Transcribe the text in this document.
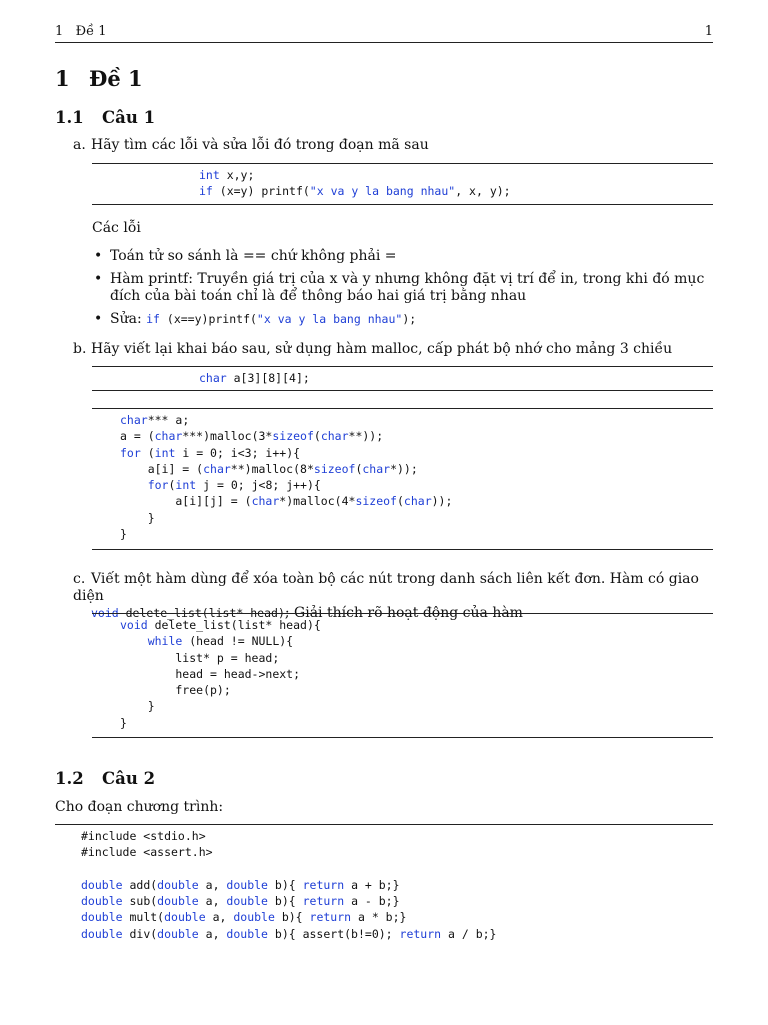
1   Đề 1	1
1 Đề 1
1.1 Câu 1
a. Hãy tìm các lỗi và sửa lỗi đó trong đoạn mã sau
int x,y;
if (x=y) printf("x va y la bang nhau", x, y);
Các lỗi
• Toán tử so sánh là == chứ không phải =
• Hàm printf: Truyền giá trị của x và y nhưng không đặt vị trí để in, trong khi đó mục đích của bài toán chỉ là để thông báo hai giá trị bằng nhau
• Sửa: if (x==y)printf("x va y la bang nhau");
b. Hãy viết lại khai báo sau, sử dụng hàm malloc, cấp phát bộ nhớ cho mảng 3 chiều
char a[3][8][4];
char*** a;
a = (char***)malloc(3*sizeof(char**));
for (int i = 0; i<3; i++){
a[i] = (char**)malloc(8*sizeof(char*));
for(int j = 0; j<8; j++){
a[i][j] = (char*)malloc(4*sizeof(char));
}
}
c. Viết một hàm dùng để xóa toàn bộ các nút trong danh sách liên kết đơn. Hàm có giao diện
void delete_list(list* head); Giải thích rõ hoạt động của hàm
void delete_list(list* head){
while (head != NULL){
list* p = head;
head = head->next;
free(p);
}
}
1.2 Câu 2
Cho đoạn chương trình:
#include <stdio.h>
#include <assert.h>

double add(double a, double b){ return a + b;}
double sub(double a, double b){ return a - b;}
double mult(double a, double b){ return a * b;}
double div(double a, double b){ assert(b!=0); return a / b;}
